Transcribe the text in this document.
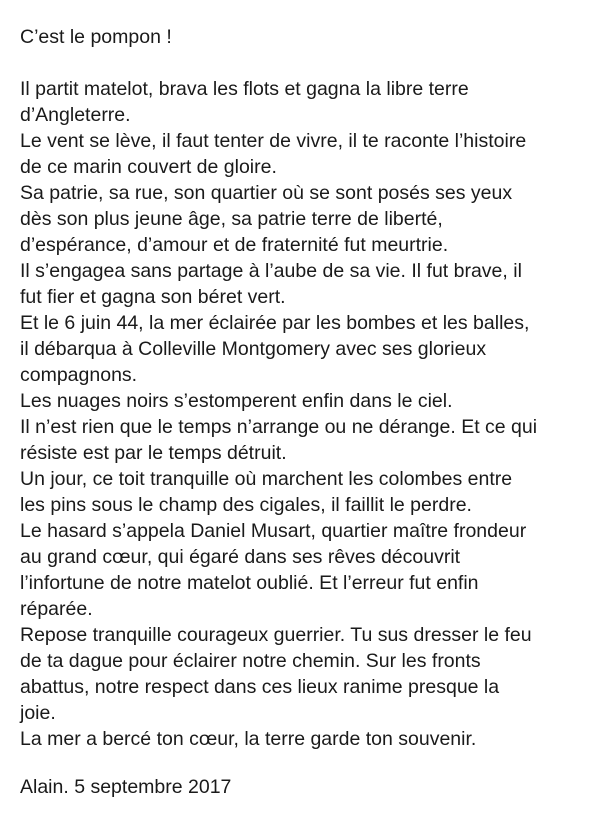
C’est le pompon !

Il partit matelot, brava les flots et gagna la libre terre

d’Angleterre.

Le vent se lève, il faut tenter de vivre, il te raconte l’histoire

de ce marin couvert de gloire.

Sa patrie, sa rue, son quartier où se sont posés ses yeux

dès son plus jeune âge, sa patrie terre de liberté,

d’espérance, d’amour et de fraternité fut meurtrie.

Il s’engagea sans partage à l’aube de sa vie. Il fut brave, il

fut fier et gagna son béret vert.

Et le 6 juin 44, la mer éclairée par les bombes et les balles,

il débarqua à Colleville Montgomery avec ses glorieux

compagnons.

Les nuages noirs s’estomperent enfin dans le ciel.

Il n’est rien que le temps n’arrange ou ne dérange. Et ce qui

résiste est par le temps détruit.

Un jour, ce toit tranquille où marchent les colombes entre

les pins sous le champ des cigales, il faillit le perdre.

Le hasard s’appela Daniel Musart, quartier maître frondeur

au grand cœur, qui égaré dans ses rêves découvrit

l’infortune de notre matelot oublié. Et l’erreur fut enfin

réparée.

Repose tranquille courageux guerrier. Tu sus dresser le feu

de ta dague pour éclairer notre chemin. Sur les fronts

abattus, notre respect dans ces lieux ranime presque la

joie.

La mer a bercé ton cœur, la terre garde ton souvenir.

Alain. 5 septembre 2017
